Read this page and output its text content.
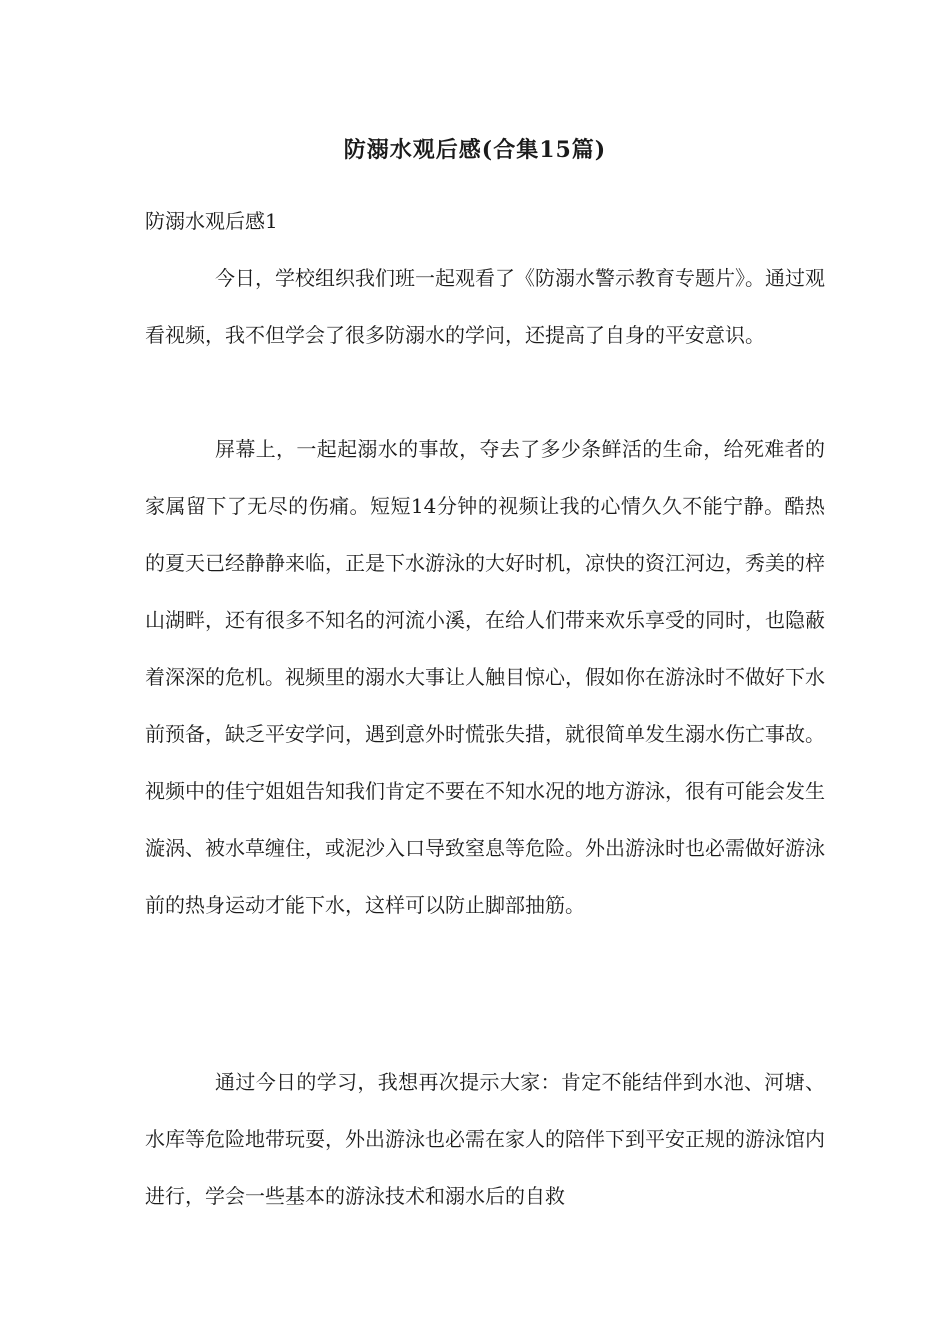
防溺水观后感(合集15篇)
防溺水观后感1

今日，学校组织我们班一起观看了《防溺水警示教育专题片》。通过观看视频，我不但学会了很多防溺水的学问，还提高了自身的平安意识。

屏幕上，一起起溺水的事故，夺去了多少条鲜活的生命，给死难者的家属留下了无尽的伤痛。短短14分钟的视频让我的心情久久不能宁静。酷热的夏天已经静静来临，正是下水游泳的大好时机，凉快的资江河边，秀美的梓山湖畔，还有很多不知名的河流小溪，在给人们带来欢乐享受的同时，也隐蔽着深深的危机。视频里的溺水大事让人触目惊心，假如你在游泳时不做好下水前预备，缺乏平安学问，遇到意外时慌张失措，就很简单发生溺水伤亡事故。视频中的佳宁姐姐告知我们肯定不要在不知水况的地方游泳，很有可能会发生漩涡、被水草缠住，或泥沙入口导致窒息等危险。外出游泳时也必需做好游泳前的热身运动才能下水，这样可以防止脚部抽筋。

通过今日的学习，我想再次提示大家：肯定不能结伴到水池、河塘、水库等危险地带玩耍，外出游泳也必需在家人的陪伴下到平安正规的游泳馆内进行，学会一些基本的游泳技术和溺水后的自救
